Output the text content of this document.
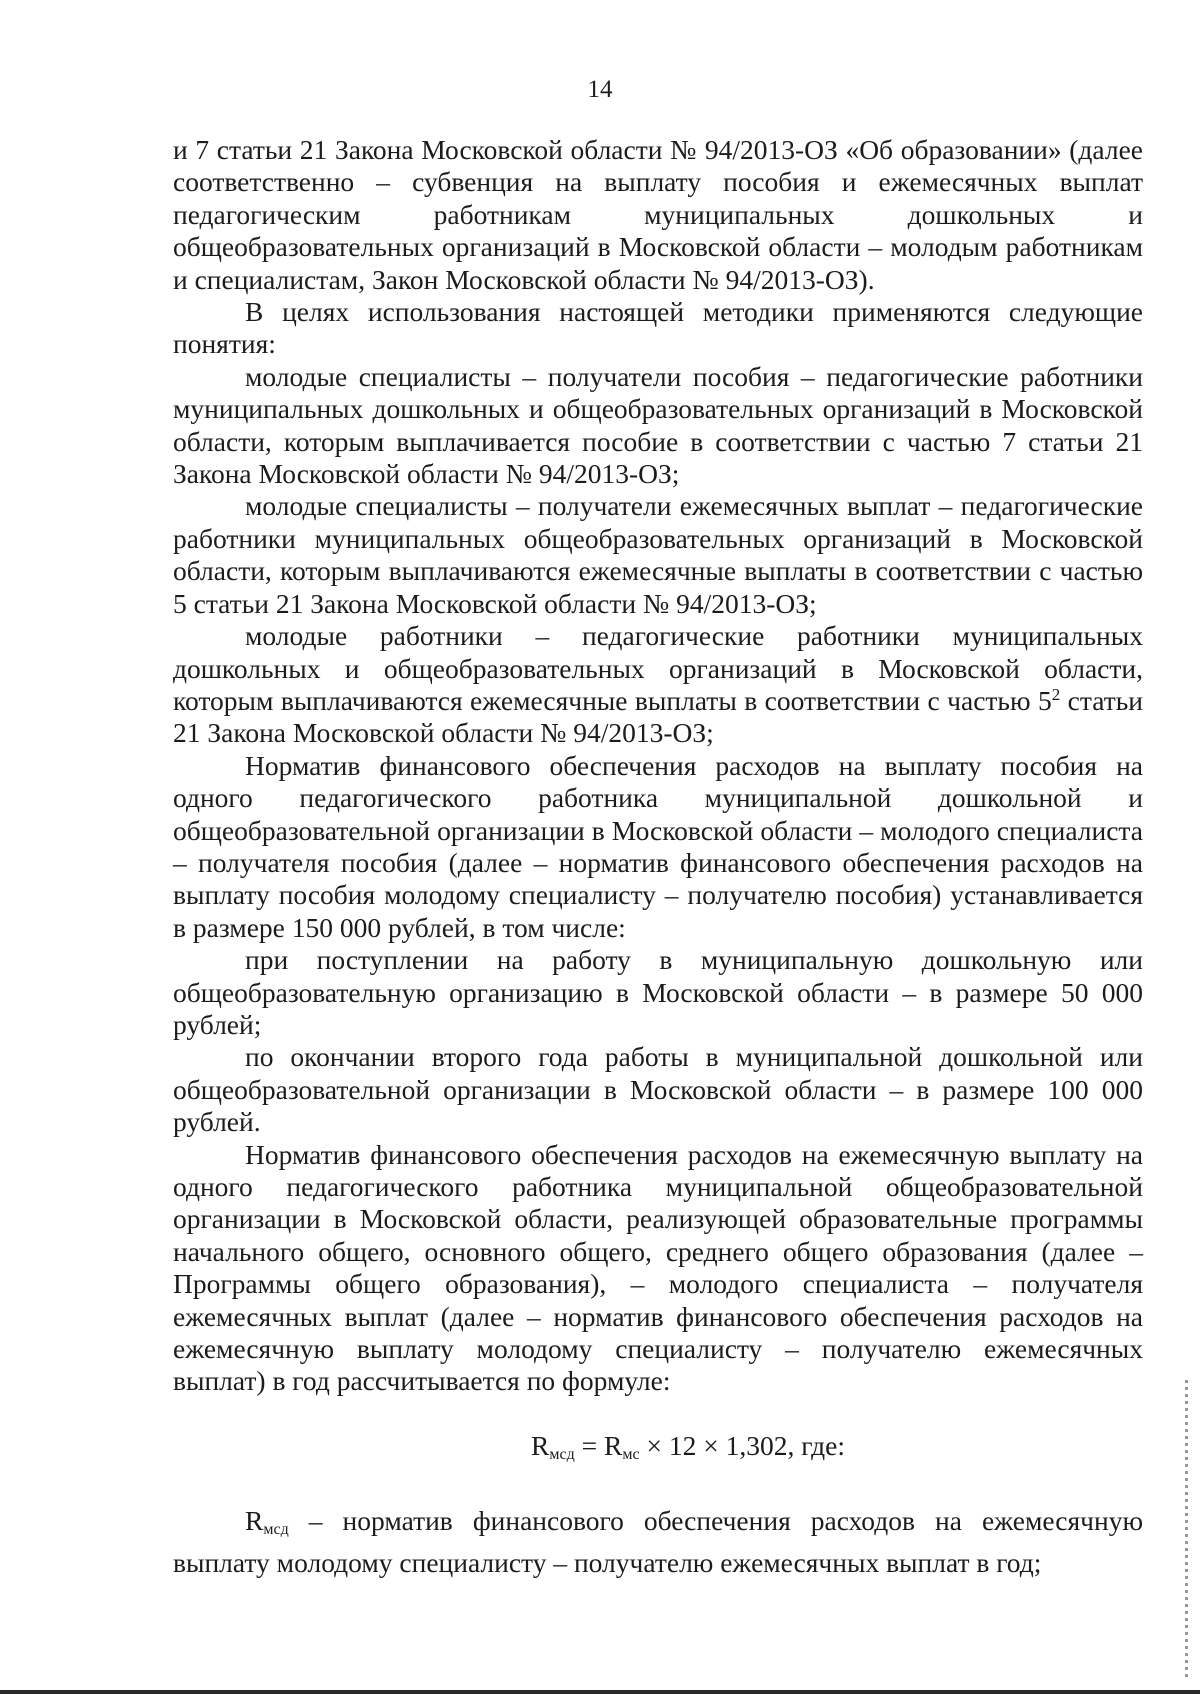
14

и 7 статьи 21 Закона Московской области № 94/2013-ОЗ «Об образовании» (далее соответственно – субвенция на выплату пособия и ежемесячных выплат педагогическим работникам муниципальных дошкольных и общеобразовательных организаций в Московской области – молодым работникам и специалистам, Закон Московской области № 94/2013-ОЗ).

В целях использования настоящей методики применяются следующие понятия:

молодые специалисты – получатели пособия – педагогические работники муниципальных дошкольных и общеобразовательных организаций в Московской области, которым выплачивается пособие в соответствии с частью 7 статьи 21 Закона Московской области № 94/2013-ОЗ;

молодые специалисты – получатели ежемесячных выплат – педагогические работники муниципальных общеобразовательных организаций в Московской области, которым выплачиваются ежемесячные выплаты в соответствии с частью 5 статьи 21 Закона Московской области № 94/2013-ОЗ;

молодые работники – педагогические работники муниципальных дошкольных и общеобразовательных организаций в Московской области, которым выплачиваются ежемесячные выплаты в соответствии с частью $5^2$ статьи 21 Закона Московской области № 94/2013-ОЗ;

Норматив финансового обеспечения расходов на выплату пособия на одного педагогического работника муниципальной дошкольной и общеобразовательной организации в Московской области – молодого специалиста – получателя пособия (далее – норматив финансового обеспечения расходов на выплату пособия молодому специалисту – получателю пособия) устанавливается в размере 150 000 рублей, в том числе:

при поступлении на работу в муниципальную дошкольную или общеобразовательную организацию в Московской области – в размере 50 000 рублей;

по окончании второго года работы в муниципальной дошкольной или общеобразовательной организации в Московской области – в размере 100 000 рублей.

Норматив финансового обеспечения расходов на ежемесячную выплату на одного педагогического работника муниципальной общеобразовательной организации в Московской области, реализующей образовательные программы начального общего, основного общего, среднего общего образования (далее – Программы общего образования), – молодого специалиста – получателя ежемесячных выплат (далее – норматив финансового обеспечения расходов на ежемесячную выплату молодому специалисту – получателю ежемесячных выплат) в год рассчитывается по формуле:

$R_{мсд} = R_{мс} \times 12 \times 1,302$, где:

$R_{мсд}$ – норматив финансового обеспечения расходов на ежемесячную выплату молодому специалисту – получателю ежемесячных выплат в год;
